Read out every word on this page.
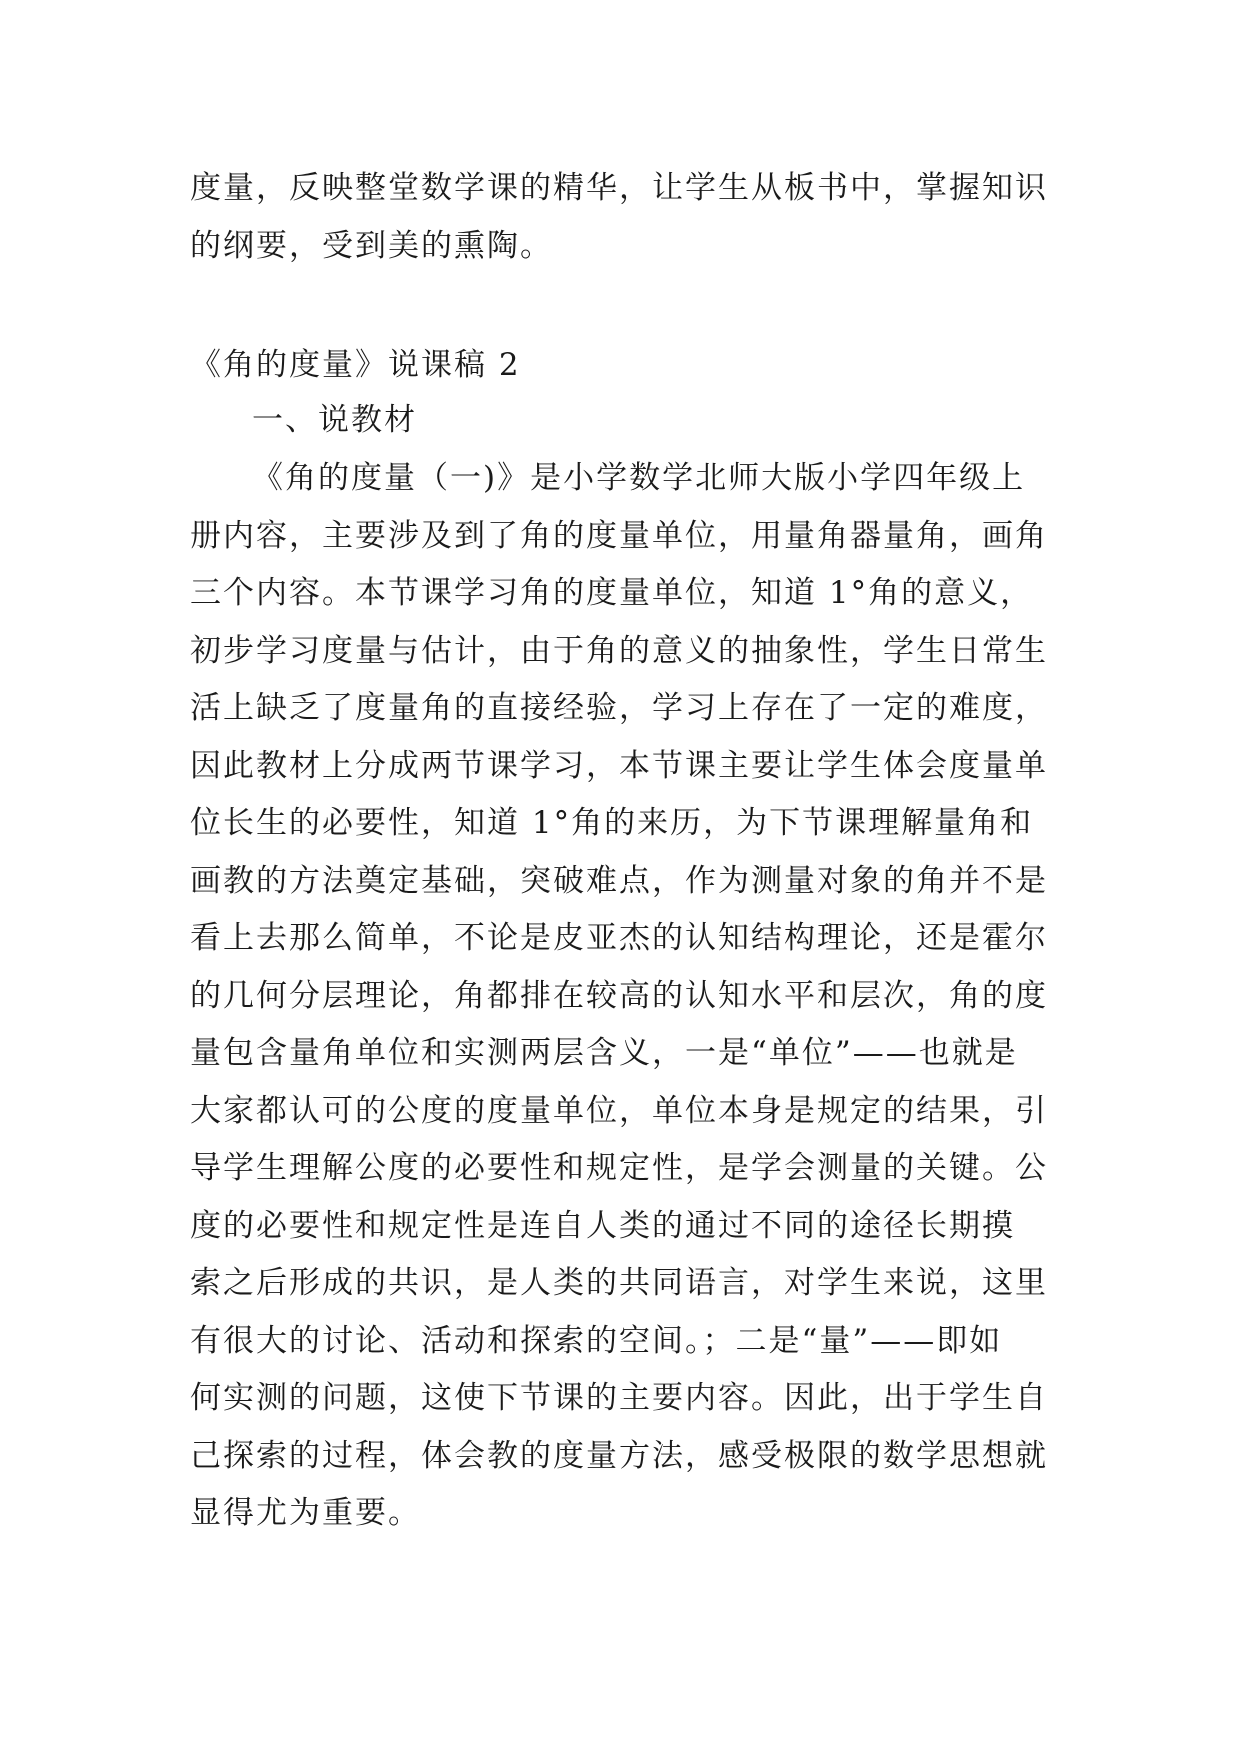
度量，反映整堂数学课的精华，让学生从板书中，掌握知识
的纲要，受到美的熏陶。
《角的度量》说课稿 2
一、说教材
《角的度量（一)》是小学数学北师大版小学四年级上
册内容，主要涉及到了角的度量单位，用量角器量角，画角
三个内容。本节课学习角的度量单位，知道 1°角的意义，
初步学习度量与估计，由于角的意义的抽象性，学生日常生
活上缺乏了度量角的直接经验，学习上存在了一定的难度，
因此教材上分成两节课学习，本节课主要让学生体会度量单
位长生的必要性，知道 1°角的来历，为下节课理解量角和
画教的方法奠定基础，突破难点，作为测量对象的角并不是
看上去那么简单，不论是皮亚杰的认知结构理论，还是霍尔
的几何分层理论，角都排在较高的认知水平和层次，角的度
量包含量角单位和实测两层含义，一是“单位”——也就是
大家都认可的公度的度量单位，单位本身是规定的结果，引
导学生理解公度的必要性和规定性，是学会测量的关键。公
度的必要性和规定性是连自人类的通过不同的途径长期摸
索之后形成的共识，是人类的共同语言，对学生来说，这里
有很大的讨论、活动和探索的空间。；二是“量”——即如
何实测的问题，这使下节课的主要内容。因此，出于学生自
己探索的过程，体会教的度量方法，感受极限的数学思想就
显得尤为重要。
